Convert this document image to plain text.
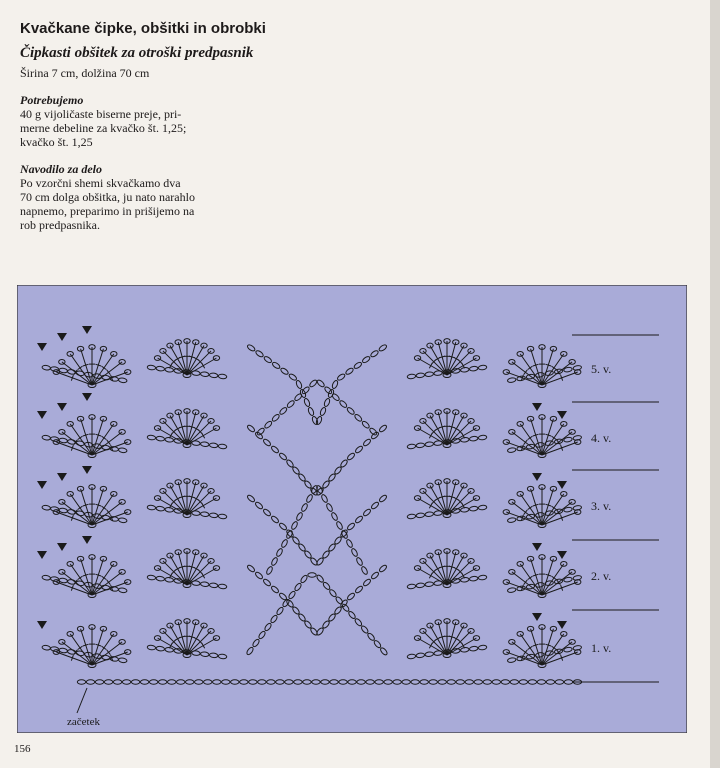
Kvačkane čipke, obšitki in obrobki
Čipkasti obšitek za otroški predpasnik
Širina 7 cm, dolžina 70 cm
Potrebujemo
40 g vijoličaste biserne preje, pri-
merne debeline za kvačko št. 1,25;
kvačko št. 1,25
Navodilo za delo
Po vzorčni shemi skvačkamo dva
70 cm dolga obšitka, ju nato narahlo
napnemo, preparimo in prišijemo na
rob predpasnika.
5. v.
4. v.
3. v.
2. v.
1. v.
začetek
156
